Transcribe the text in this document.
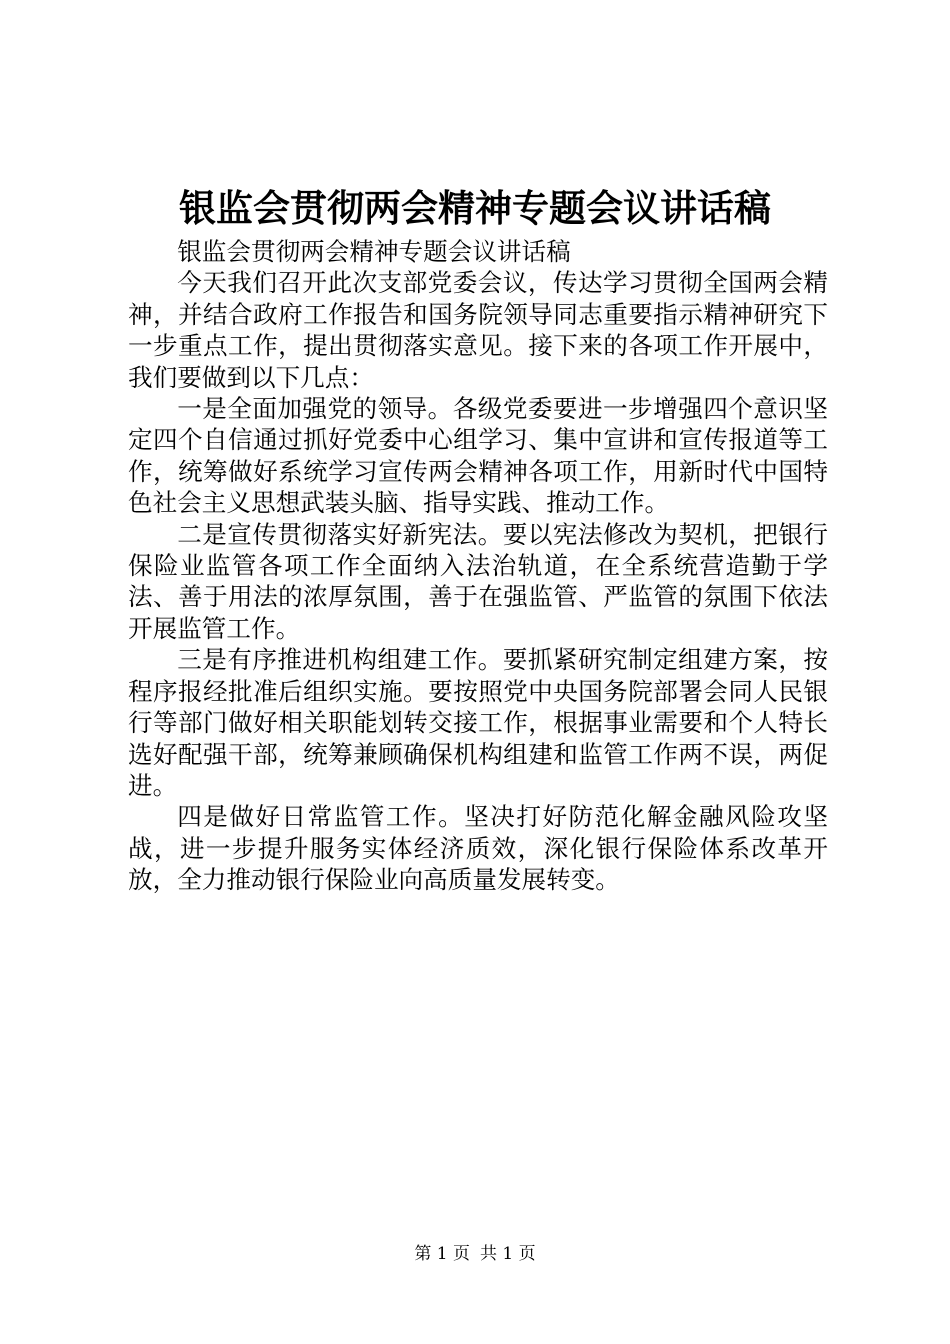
银监会贯彻两会精神专题会议讲话稿

银监会贯彻两会精神专题会议讲话稿

今天我们召开此次支部党委会议，传达学习贯彻全国两会精神，并结合政府工作报告和国务院领导同志重要指示精神研究下一步重点工作，提出贯彻落实意见。接下来的各项工作开展中，我们要做到以下几点：

一是全面加强党的领导。各级党委要进一步增强四个意识坚定四个自信通过抓好党委中心组学习、集中宣讲和宣传报道等工作，统筹做好系统学习宣传两会精神各项工作，用新时代中国特色社会主义思想武装头脑、指导实践、推动工作。

二是宣传贯彻落实好新宪法。要以宪法修改为契机，把银行保险业监管各项工作全面纳入法治轨道，在全系统营造勤于学法、善于用法的浓厚氛围，善于在强监管、严监管的氛围下依法开展监管工作。

三是有序推进机构组建工作。要抓紧研究制定组建方案，按程序报经批准后组织实施。要按照党中央国务院部署会同人民银行等部门做好相关职能划转交接工作，根据事业需要和个人特长选好配强干部，统筹兼顾确保机构组建和监管工作两不误，两促进。

四是做好日常监管工作。坚决打好防范化解金融风险攻坚战，进一步提升服务实体经济质效，深化银行保险体系改革开放，全力推动银行保险业向高质量发展转变。

第 1 页 共 1 页
